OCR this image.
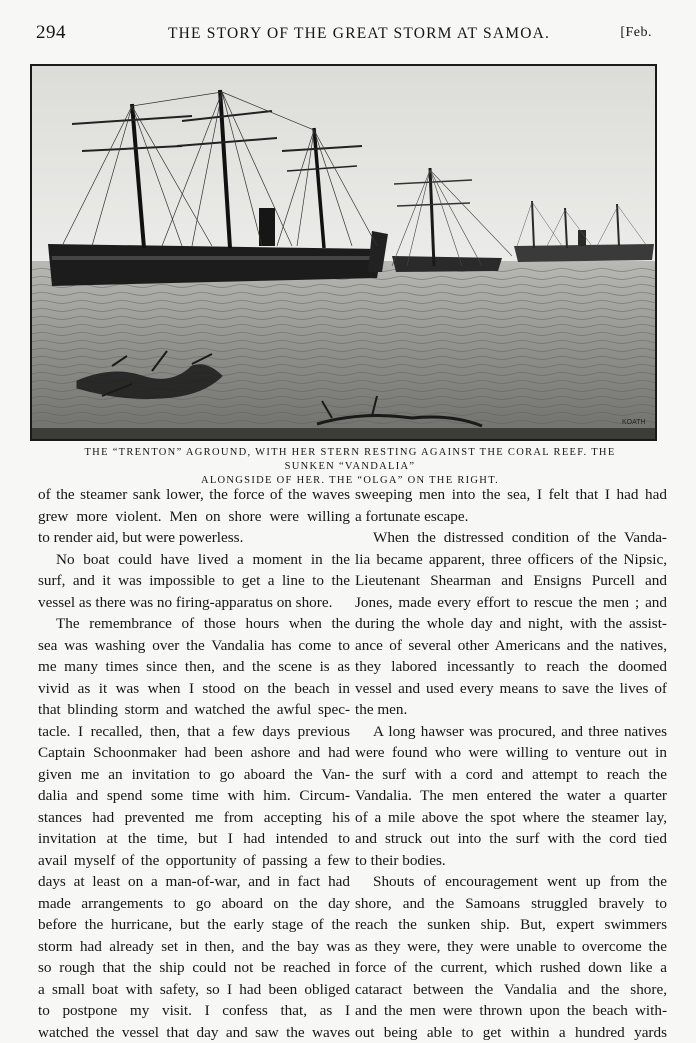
294	THE STORY OF THE GREAT STORM AT SAMOA.	[Feb.
KOATH
THE “TRENTON” AGROUND, WITH HER STERN RESTING AGAINST THE CORAL REEF. THE SUNKEN “VANDALIA”
ALONGSIDE OF HER. THE “OLGA” ON THE RIGHT.
of the steamer sank lower, the force of the waves
grew more violent. Men on shore were willing
to render aid, but were powerless.
No boat could have lived a moment in the
surf, and it was impossible to get a line to the
vessel as there was no firing-apparatus on shore.
The remembrance of those hours when the
sea was washing over the Vandalia has come to
me many times since then, and the scene is as
vivid as it was when I stood on the beach in
that blinding storm and watched the awful spec-
tacle. I recalled, then, that a few days previous
Captain Schoonmaker had been ashore and had
given me an invitation to go aboard the Van-
dalia and spend some time with him. Circum-
stances had prevented me from accepting his
invitation at the time, but I had intended to
avail myself of the opportunity of passing a few
days at least on a man-of-war, and in fact had
made arrangements to go aboard on the day
before the hurricane, but the early stage of the
storm had already set in then, and the bay was
so rough that the ship could not be reached in
a small boat with safety, so I had been obliged
to postpone my visit. I confess that, as I
watched the vessel that day and saw the waves
sweeping men into the sea, I felt that I had had
a fortunate escape.
When the distressed condition of the Vanda-
lia became apparent, three officers of the Nipsic,
Lieutenant Shearman and Ensigns Purcell and
Jones, made every effort to rescue the men ; and
during the whole day and night, with the assist-
ance of several other Americans and the natives,
they labored incessantly to reach the doomed
vessel and used every means to save the lives of
the men.
A long hawser was procured, and three natives
were found who were willing to venture out in
the surf with a cord and attempt to reach the
Vandalia. The men entered the water a quarter
of a mile above the spot where the steamer lay,
and struck out into the surf with the cord tied
to their bodies.
Shouts of encouragement went up from the
shore, and the Samoans struggled bravely to
reach the sunken ship. But, expert swimmers
as they were, they were unable to overcome the
force of the current, which rushed down like a
cataract between the Vandalia and the shore,
and the men were thrown upon the beach with-
out being able to get within a hundred yards
